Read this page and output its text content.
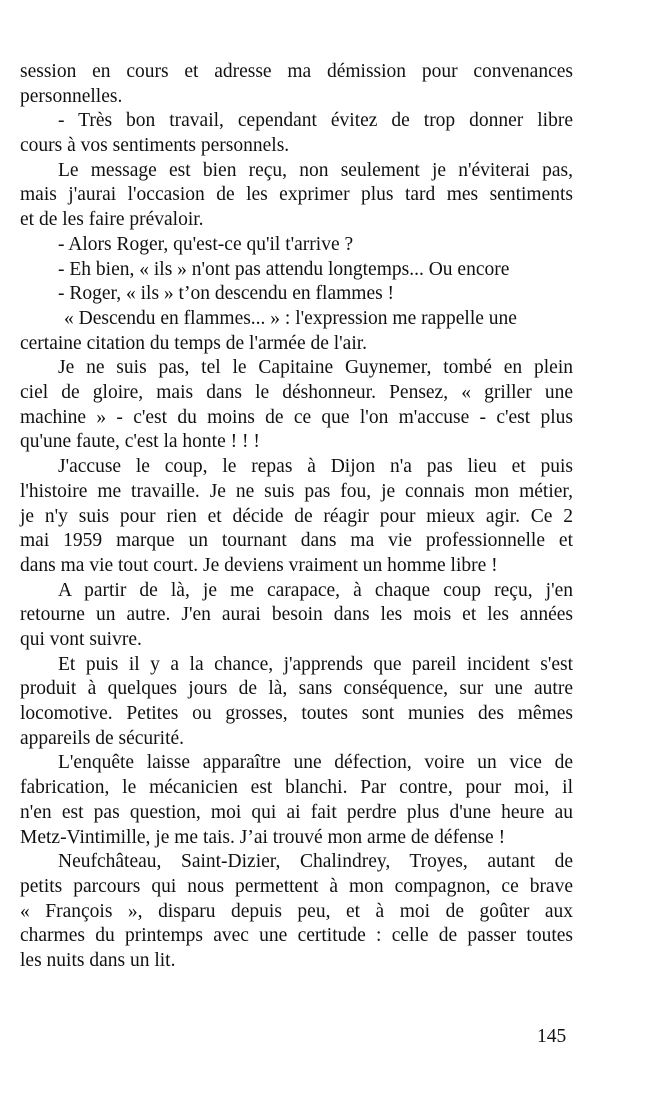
session en cours et adresse ma démission pour convenances
personnelles.
- Très bon travail, cependant évitez de trop donner libre
cours à vos sentiments personnels.
Le message est bien reçu, non seulement je n'éviterai pas,
mais j'aurai l'occasion de les exprimer plus tard mes sentiments
et de les faire prévaloir.
- Alors Roger, qu'est-ce qu'il t'arrive ?
- Eh bien, « ils » n'ont pas attendu longtemps... Ou encore
- Roger, « ils » t’on descendu en flammes !
« Descendu en flammes... » : l'expression me rappelle une
certaine citation du temps de l'armée de l'air.
Je ne suis pas, tel le Capitaine Guynemer, tombé en plein
ciel de gloire, mais dans le déshonneur. Pensez, « griller une
machine » - c'est du moins de ce que l'on m'accuse - c'est plus
qu'une faute, c'est la honte ! ! !
J'accuse le coup, le repas à Dijon n'a pas lieu et puis
l'histoire me travaille. Je ne suis pas fou, je connais mon métier,
je n'y suis pour rien et décide de réagir pour mieux agir. Ce 2
mai 1959 marque un tournant dans ma vie professionnelle et
dans ma vie tout court. Je deviens vraiment un homme libre !
A partir de là, je me carapace, à chaque coup reçu, j'en
retourne un autre. J'en aurai besoin dans les mois et les années
qui vont suivre.
Et puis il y a la chance, j'apprends que pareil incident s'est
produit à quelques jours de là, sans conséquence, sur une autre
locomotive. Petites ou grosses, toutes sont munies des mêmes
appareils de sécurité.
L'enquête laisse apparaître une défection, voire un vice de
fabrication, le mécanicien est blanchi. Par contre, pour moi, il
n'en est pas question, moi qui ai fait perdre plus d'une heure au
Metz-Vintimille, je me tais. J’ai trouvé mon arme de défense !
Neufchâteau, Saint-Dizier, Chalindrey, Troyes, autant de
petits parcours qui nous permettent à mon compagnon, ce brave
« François », disparu depuis peu, et à moi de goûter aux
charmes du printemps avec une certitude : celle de passer toutes
les nuits dans un lit.
145
